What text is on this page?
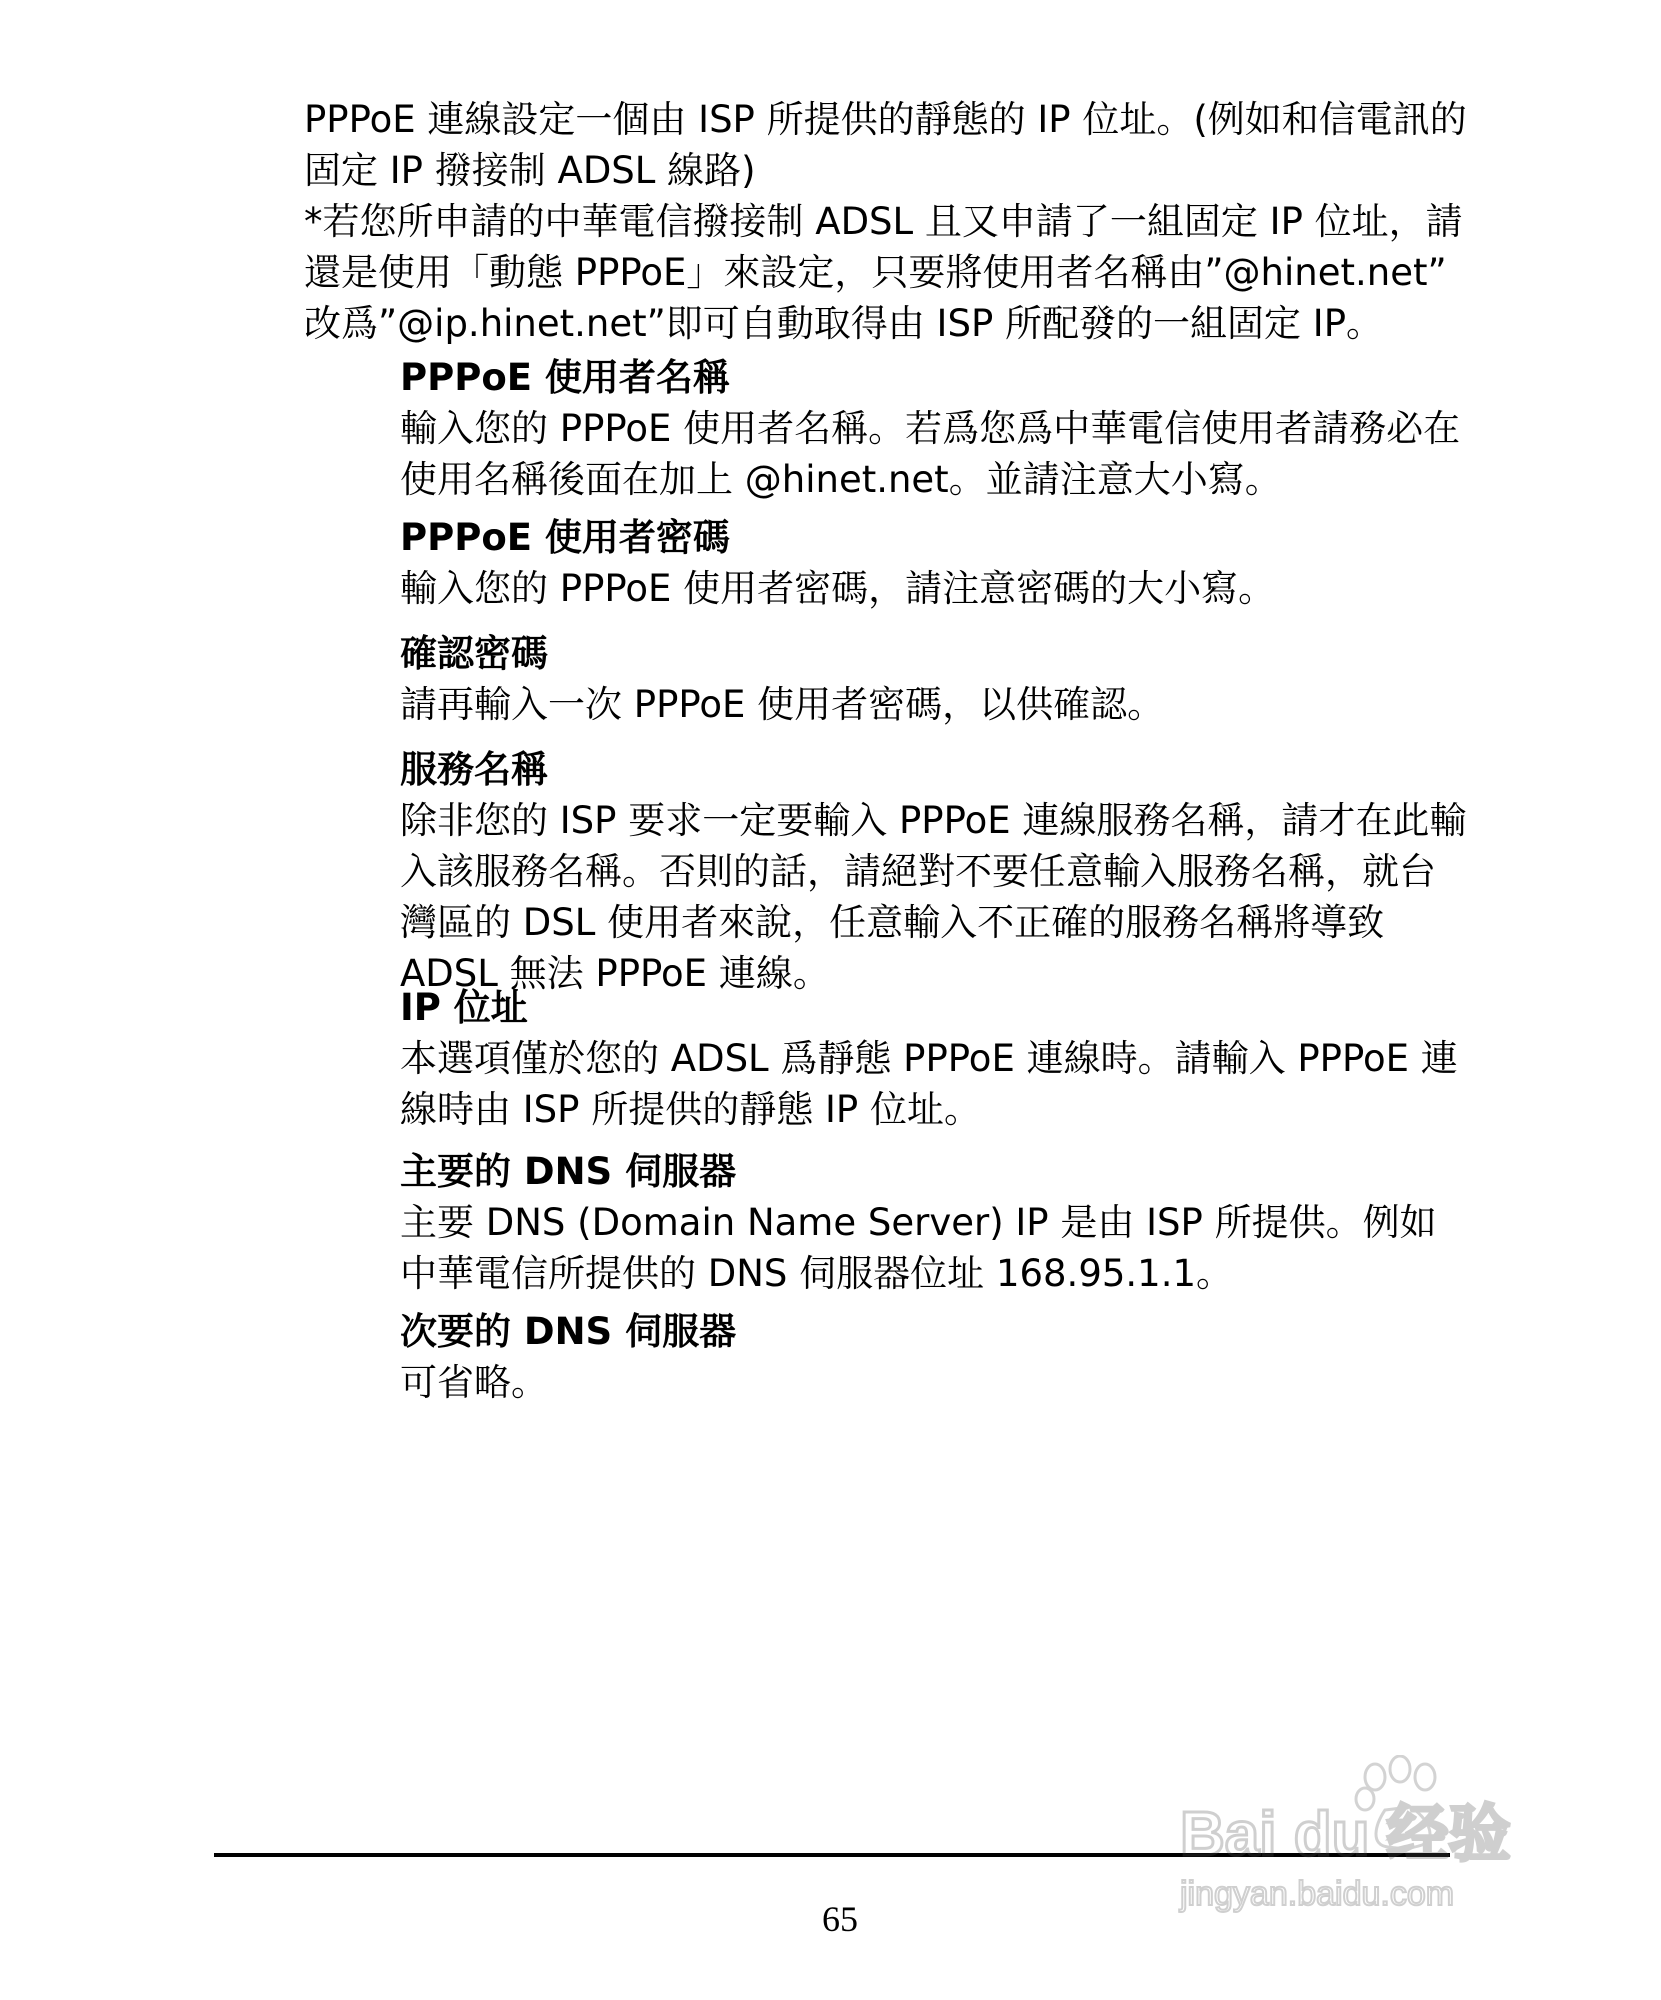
PPPoE 連線設定一個由 ISP 所提供的靜態的 IP 位址。(例如和信電訊的固定 IP 撥接制 ADSL 線路)

*若您所申請的中華電信撥接制 ADSL 且又申請了一組固定 IP 位址，請還是使用「動態 PPPoE」來設定，只要將使用者名稱由”@hinet.net” 改爲”@ip.hinet.net”即可自動取得由 ISP 所配發的一組固定 IP。

PPPoE 使用者名稱
輸入您的 PPPoE 使用者名稱。若爲您爲中華電信使用者請務必在使用名稱後面在加上 @hinet.net。並請注意大小寫。
PPPoE 使用者密碼
輸入您的 PPPoE 使用者密碼，請注意密碼的大小寫。
確認密碼
請再輸入一次 PPPoE 使用者密碼，以供確認。
服務名稱
除非您的 ISP 要求一定要輸入 PPPoE 連線服務名稱，請才在此輸入該服務名稱。否則的話，請絕對不要任意輸入服務名稱，就台灣區的 DSL 使用者來說，任意輸入不正確的服務名稱將導致 ADSL 無法 PPPoE 連線。
IP 位址
本選項僅於您的 ADSL 爲靜態 PPPoE 連線時。請輸入 PPPoE 連線時由 ISP 所提供的靜態 IP 位址。
主要的 DNS 伺服器
主要 DNS (Domain Name Server) IP 是由 ISP 所提供。例如中華電信所提供的 DNS 伺服器位址 168.95.1.1。
次要的 DNS 伺服器
可省略。
65
Bai du 经验
jingyan.baidu.com
